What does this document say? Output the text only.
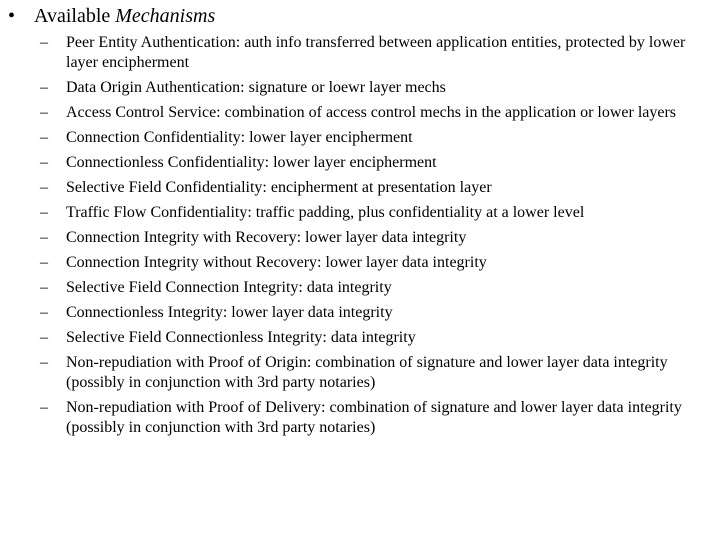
• Available Mechanisms
– Peer Entity Authentication: auth info transferred between application entities, protected by lower layer encipherment
– Data Origin Authentication: signature or loewr layer mechs
– Access Control Service: combination of access control mechs in the application or lower layers
– Connection Confidentiality: lower layer encipherment
– Connectionless Confidentiality: lower layer encipherment
– Selective Field Confidentiality: encipherment at presentation layer
– Traffic Flow Confidentiality: traffic padding, plus confidentiality at a lower level
– Connection Integrity with Recovery: lower layer data integrity
– Connection Integrity without Recovery: lower layer data integrity
– Selective Field Connection Integrity: data integrity
– Connectionless Integrity: lower layer data integrity
– Selective Field Connectionless Integrity: data integrity
– Non-repudiation with Proof of Origin: combination of signature and lower layer data integrity (possibly in conjunction with 3rd party notaries)
– Non-repudiation with Proof of Delivery: combination of signature and lower layer data integrity (possibly in conjunction with 3rd party notaries)
